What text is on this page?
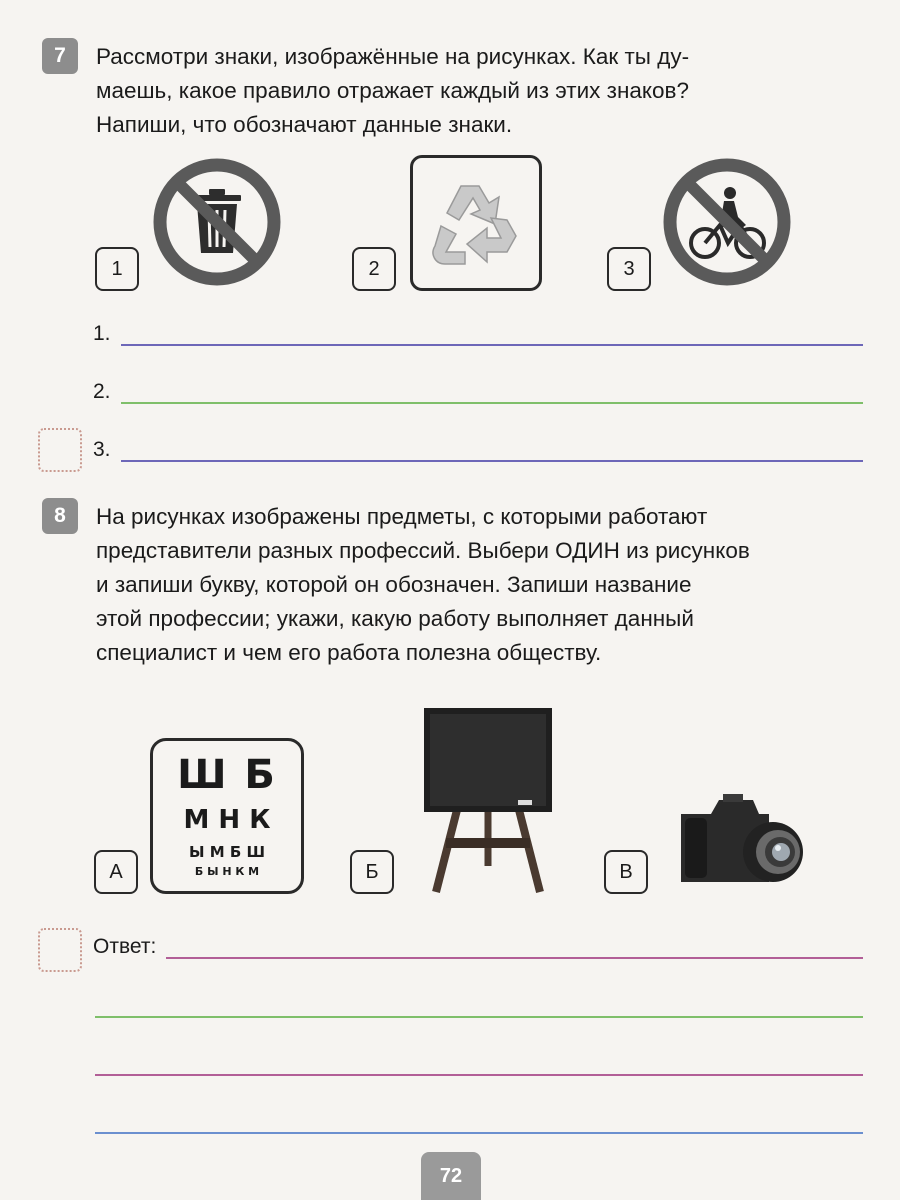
7	Рассмотри знаки, изображённые на рисунках. Как ты ду-
маешь, какое правило отражает каждый из этих знаков?
Напиши, что обозначают данные знаки.
1	2	3
1.
2.
3.
8	На рисунках изображены предметы, с которыми работают
представители разных профессий. Выбери ОДИН из рисунков
и запиши букву, которой он обозначен. Запиши название
этой профессии; укажи, какую работу выполняет данный
специалист и чем его работа полезна обществу.
Ш Б
М Н К
Ы М Б Ш
Б Ы Н К М
А	Б	В
Ответ:
72
